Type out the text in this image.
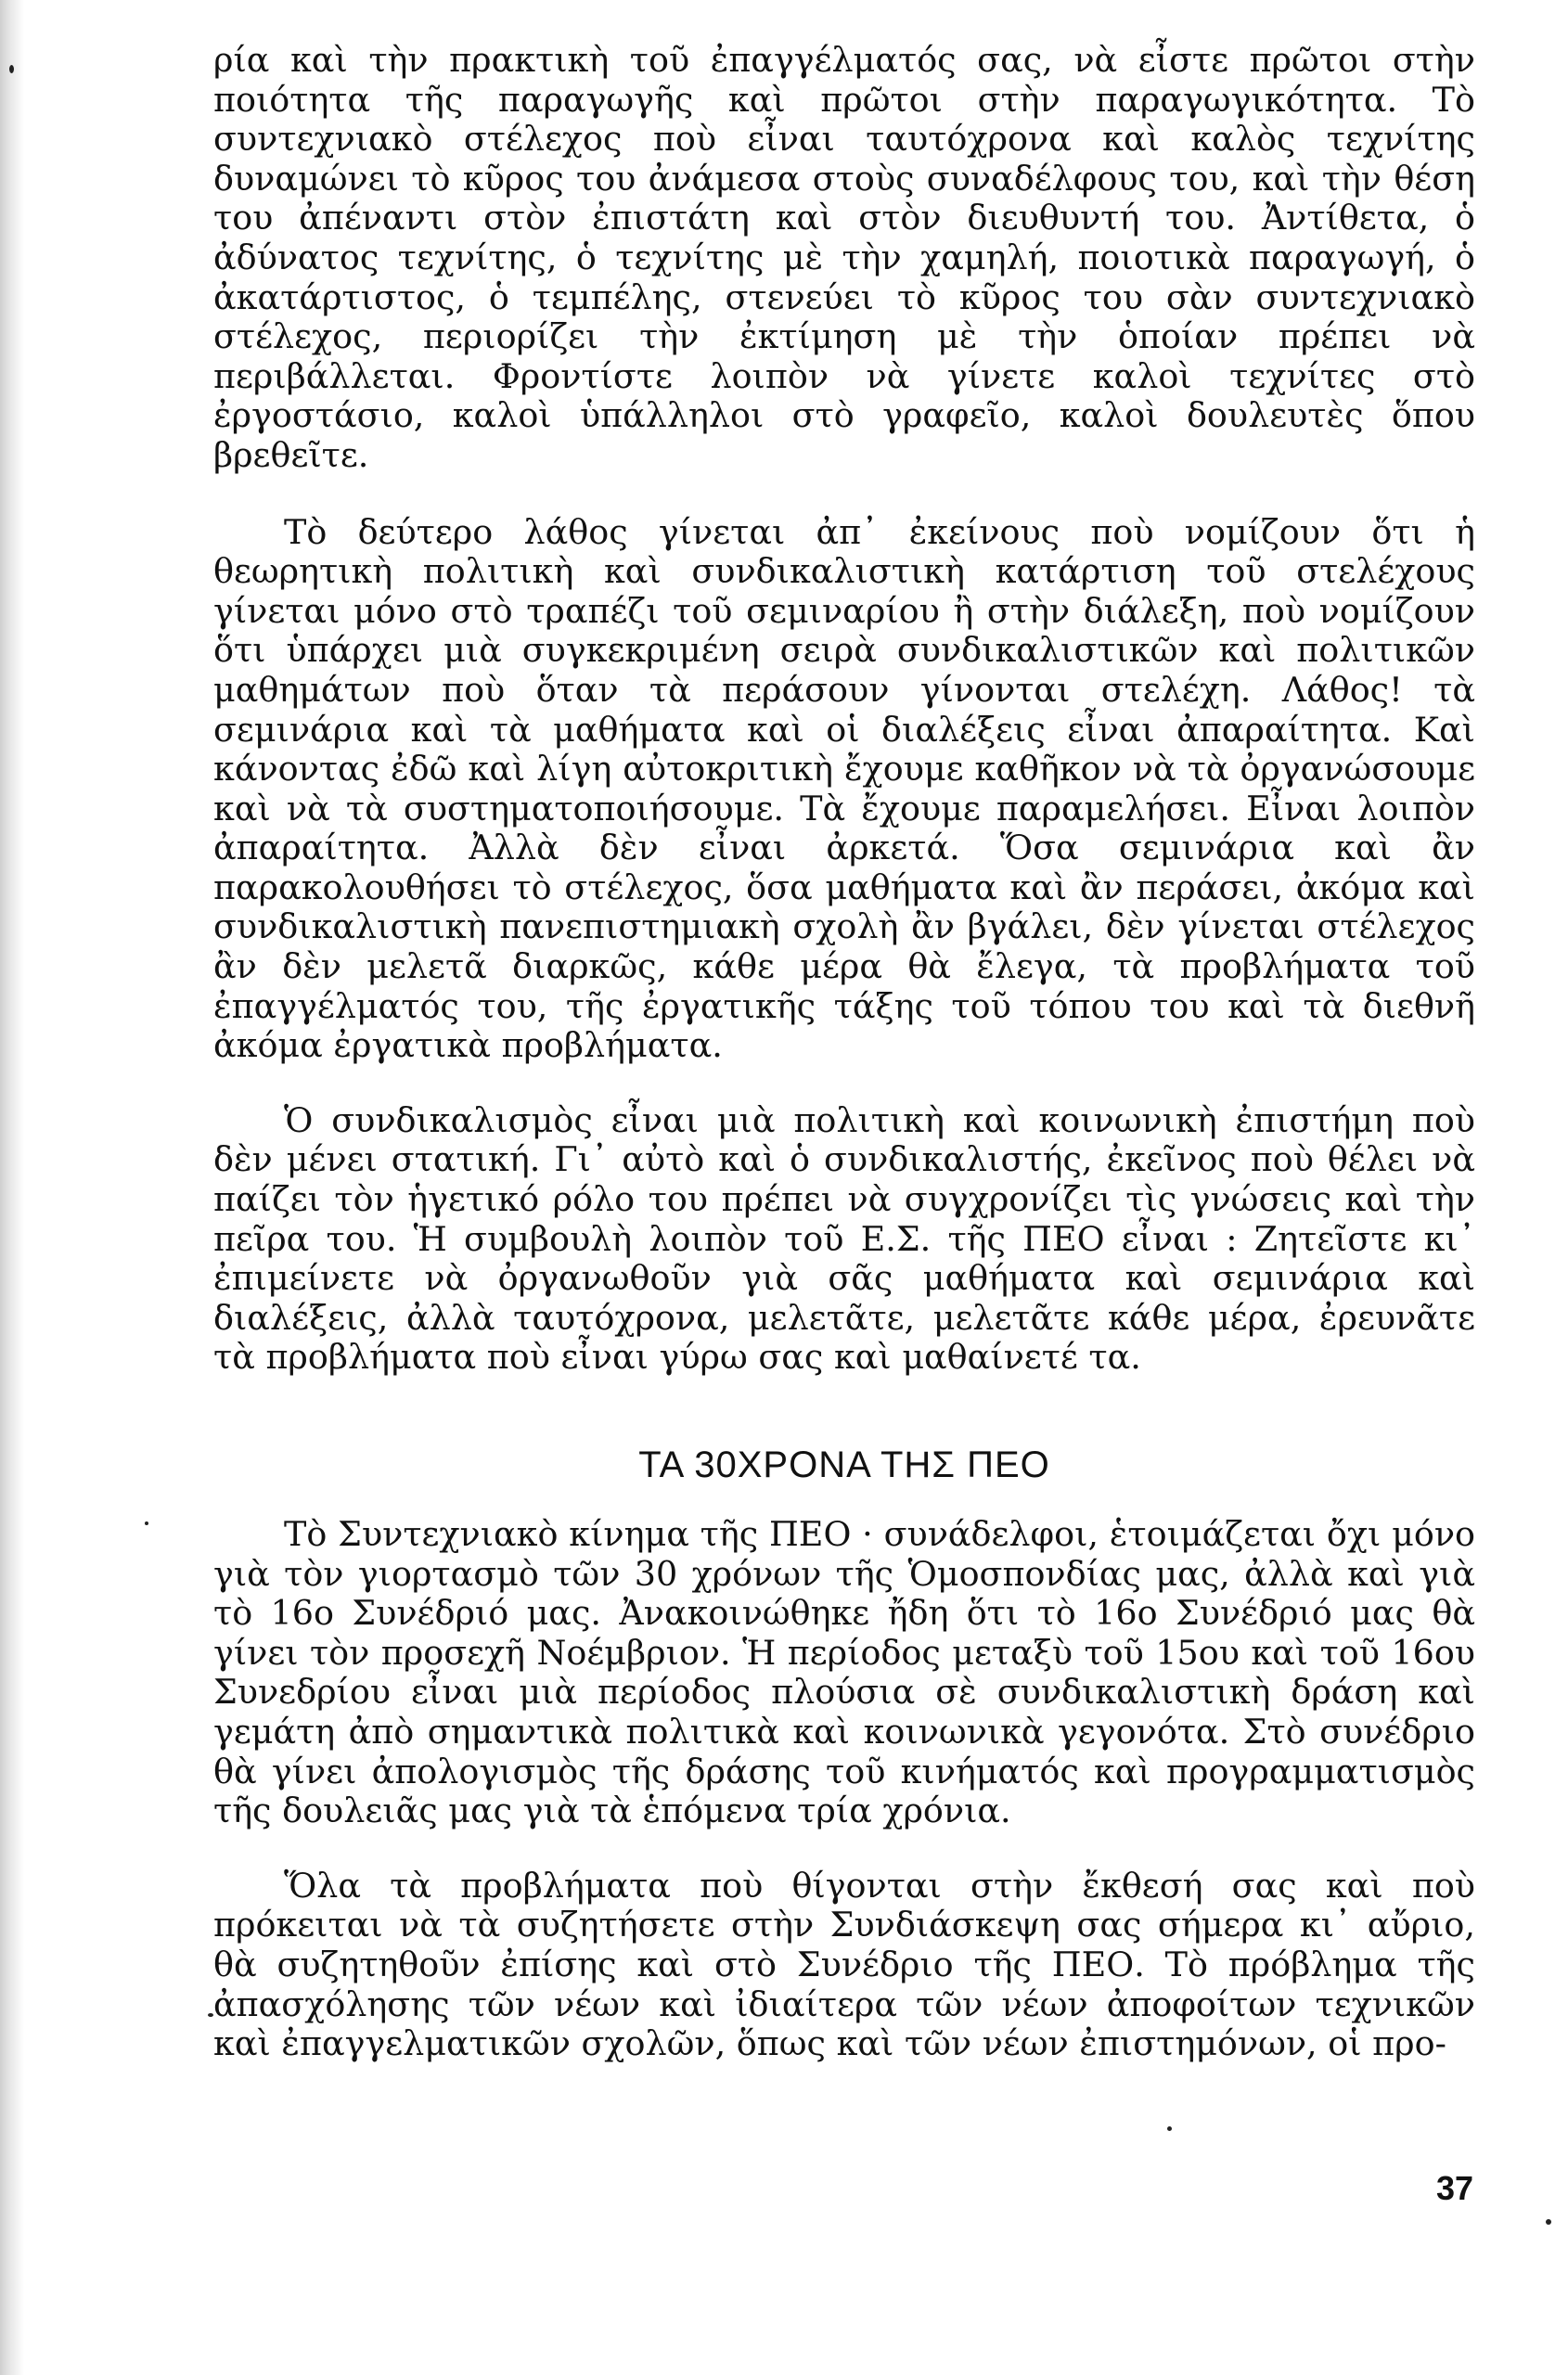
ρία καὶ τὴν πρακτικὴ τοῦ ἐπαγγέλματός σας, νὰ εἶστε πρῶτοι στὴν ποιότητα τῆς παραγωγῆς καὶ πρῶτοι στὴν παραγωγικότητα. Τὸ συντεχνιακὸ στέλεχος ποὺ εἶναι ταυτόχρονα καὶ καλὸς τεχνίτης δυναμώνει τὸ κῦρος του ἀνάμεσα στοὺς συναδέλφους του, καὶ τὴν θέση του ἀπέναντι στὸν ἐπιστάτη καὶ στὸν διευθυντή του. Ἀντίθετα, ὁ ἀδύνατος τεχνίτης, ὁ τεχνίτης μὲ τὴν χαμηλή, ποιοτικὰ παραγωγή, ὁ ἀκατάρτιστος, ὁ τεμπέλης, στενεύει τὸ κῦρος του σὰν συντεχνιακὸ στέλεχος, περιορίζει τὴν ἐκτίμηση μὲ τὴν ὁποίαν πρέπει νὰ περιβάλλεται. Φροντίστε λοιπὸν νὰ γίνετε καλοὶ τεχνίτες στὸ ἐργοστάσιο, καλοὶ ὑπάλληλοι στὸ γραφεῖο, καλοὶ δουλευτὲς ὅπου βρεθεῖτε.

Τὸ δεύτερο λάθος γίνεται ἀπ᾽ ἐκείνους ποὺ νομίζουν ὅτι ἡ θεωρητικὴ πολιτικὴ καὶ συνδικαλιστικὴ κατάρτιση τοῦ στελέχους γίνεται μόνο στὸ τραπέζι τοῦ σεμιναρίου ἢ στὴν διάλεξη, ποὺ νομίζουν ὅτι ὑπάρχει μιὰ συγκεκριμένη σειρὰ συνδικαλιστικῶν καὶ πολιτικῶν μαθημάτων ποὺ ὅταν τὰ περάσουν γίνονται στελέχη. Λάθος! τὰ σεμινάρια καὶ τὰ μαθήματα καὶ οἱ διαλέξεις εἶναι ἀπαραίτητα. Καὶ κάνοντας ἐδῶ καὶ λίγη αὐτοκριτικὴ ἔχουμε καθῆκον νὰ τὰ ὀργανώσουμε καὶ νὰ τὰ συστηματοποιήσουμε. Τὰ ἔχουμε παραμελήσει. Εἶναι λοιπὸν ἀπαραίτητα. Ἀλλὰ δὲν εἶναι ἀρκετά. Ὅσα σεμινάρια καὶ ἂν παρακολουθήσει τὸ στέλεχος, ὅσα μαθήματα καὶ ἂν περάσει, ἀκόμα καὶ συνδικαλιστικὴ πανεπιστημιακὴ σχολὴ ἂν βγάλει, δὲν γίνεται στέλεχος ἂν δὲν μελετᾶ διαρκῶς, κάθε μέρα θὰ ἔλεγα, τὰ προβλήματα τοῦ ἐπαγγέλματός του, τῆς ἐργατικῆς τάξης τοῦ τόπου του καὶ τὰ διεθνῆ ἀκόμα ἐργατικὰ προβλήματα.

Ὁ συνδικαλισμὸς εἶναι μιὰ πολιτικὴ καὶ κοινωνικὴ ἐπιστήμη ποὺ δὲν μένει στατική. Γι᾽ αὐτὸ καὶ ὁ συνδικαλιστής, ἐκεῖνος ποὺ θέλει νὰ παίζει τὸν ἡγετικό ρόλο του πρέπει νὰ συγχρονίζει τὶς γνώσεις καὶ τὴν πεῖρα του. Ἡ συμβουλὴ λοιπὸν τοῦ Ε.Σ. τῆς ΠΕΟ εἶναι : Ζητεῖστε κι᾽ ἐπιμείνετε νὰ ὀργανωθοῦν γιὰ σᾶς μαθήματα καὶ σεμινάρια καὶ διαλέξεις, ἀλλὰ ταυτόχρονα, μελετᾶτε, μελετᾶτε κάθε μέρα, ἐρευνᾶτε τὰ προβλήματα ποὺ εἶναι γύρω σας καὶ μαθαίνετέ τα.

ΤΑ 30ΧΡΟΝΑ ΤΗΣ ΠΕΟ

Τὸ Συντεχνιακὸ κίνημα τῆς ΠΕΟ · συνάδελφοι, ἑτοιμάζεται ὄχι μόνο γιὰ τὸν γιορτασμὸ τῶν 30 χρόνων τῆς Ὁμοσπονδίας μας, ἀλλὰ καὶ γιὰ τὸ 16ο Συνέδριό μας. Ἀνακοινώθηκε ἤδη ὅτι τὸ 16ο Συνέδριό μας θὰ γίνει τὸν προσεχῆ Νοέμβριον. Ἡ περίοδος μεταξὺ τοῦ 15ου καὶ τοῦ 16ου Συνεδρίου εἶναι μιὰ περίοδος πλούσια σὲ συνδικαλιστικὴ δράση καὶ γεμάτη ἀπὸ σημαντικὰ πολιτικὰ καὶ κοινωνικὰ γεγονότα. Στὸ συνέδριο θὰ γίνει ἀπολογισμὸς τῆς δράσης τοῦ κινήματός καὶ προγραμματισμὸς τῆς δουλειᾶς μας γιὰ τὰ ἑπόμενα τρία χρόνια.

Ὅλα τὰ προβλήματα ποὺ θίγονται στὴν ἔκθεσή σας καὶ ποὺ πρόκειται νὰ τὰ συζητήσετε στὴν Συνδιάσκεψη σας σήμερα κι᾽ αὔριο, θὰ συζητηθοῦν ἐπίσης καὶ στὸ Συνέδριο τῆς ΠΕΟ. Τὸ πρόβλημα τῆς ἀπασχόλησης τῶν νέων καὶ ἰδιαίτερα τῶν νέων ἀποφοίτων τεχνικῶν καὶ ἐπαγγελματικῶν σχολῶν, ὅπως καὶ τῶν νέων ἐπιστημόνων, οἱ προ-

37
